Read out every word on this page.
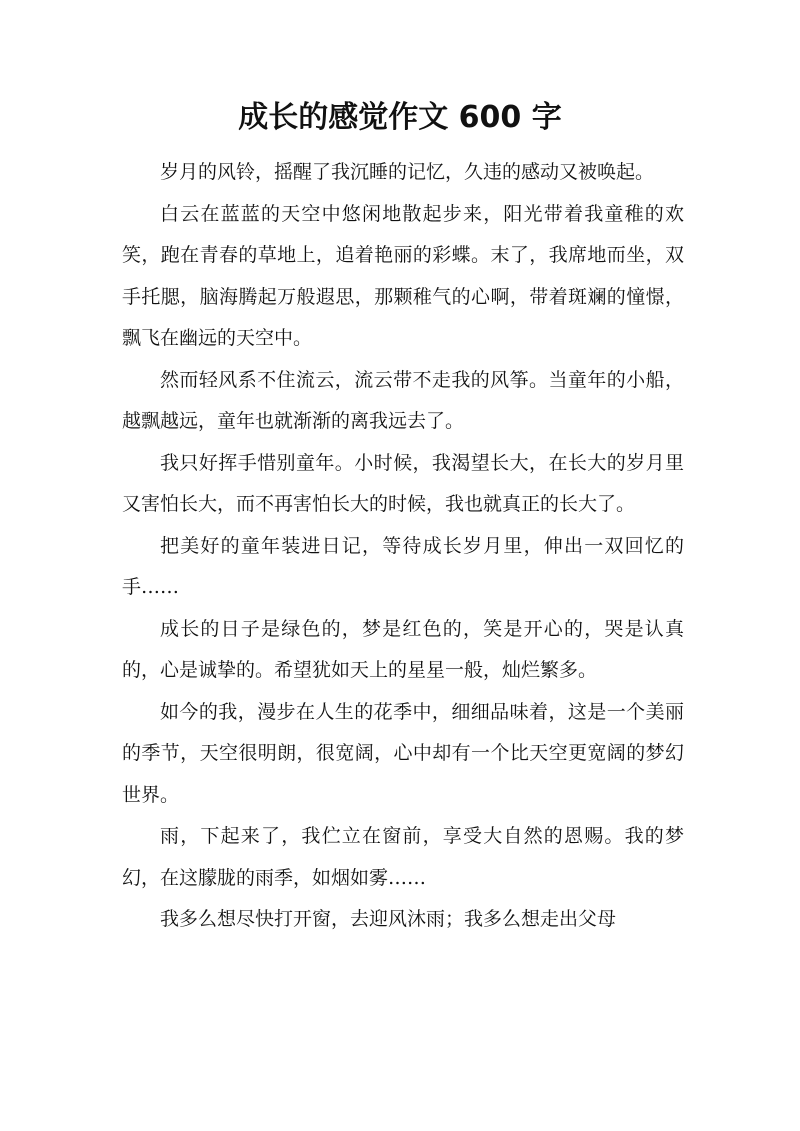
成长的感觉作文 600 字

岁月的风铃，摇醒了我沉睡的记忆，久违的感动又被唤起。

白云在蓝蓝的天空中悠闲地散起步来，阳光带着我童稚的欢笑，跑在青春的草地上，追着艳丽的彩蝶。末了，我席地而坐，双手托腮，脑海腾起万般遐思，那颗稚气的心啊，带着斑斓的憧憬，飘飞在幽远的天空中。

然而轻风系不住流云，流云带不走我的风筝。当童年的小船，越飘越远，童年也就渐渐的离我远去了。

我只好挥手惜别童年。小时候，我渴望长大，在长大的岁月里又害怕长大，而不再害怕长大的时候，我也就真正的长大了。

把美好的童年装进日记，等待成长岁月里，伸出一双回忆的手……

成长的日子是绿色的，梦是红色的，笑是开心的，哭是认真的，心是诚挚的。希望犹如天上的星星一般，灿烂繁多。

如今的我，漫步在人生的花季中，细细品味着，这是一个美丽的季节，天空很明朗，很宽阔，心中却有一个比天空更宽阔的梦幻世界。

雨，下起来了，我伫立在窗前，享受大自然的恩赐。我的梦幻，在这朦胧的雨季，如烟如雾……

我多么想尽快打开窗，去迎风沐雨；我多么想走出父母
